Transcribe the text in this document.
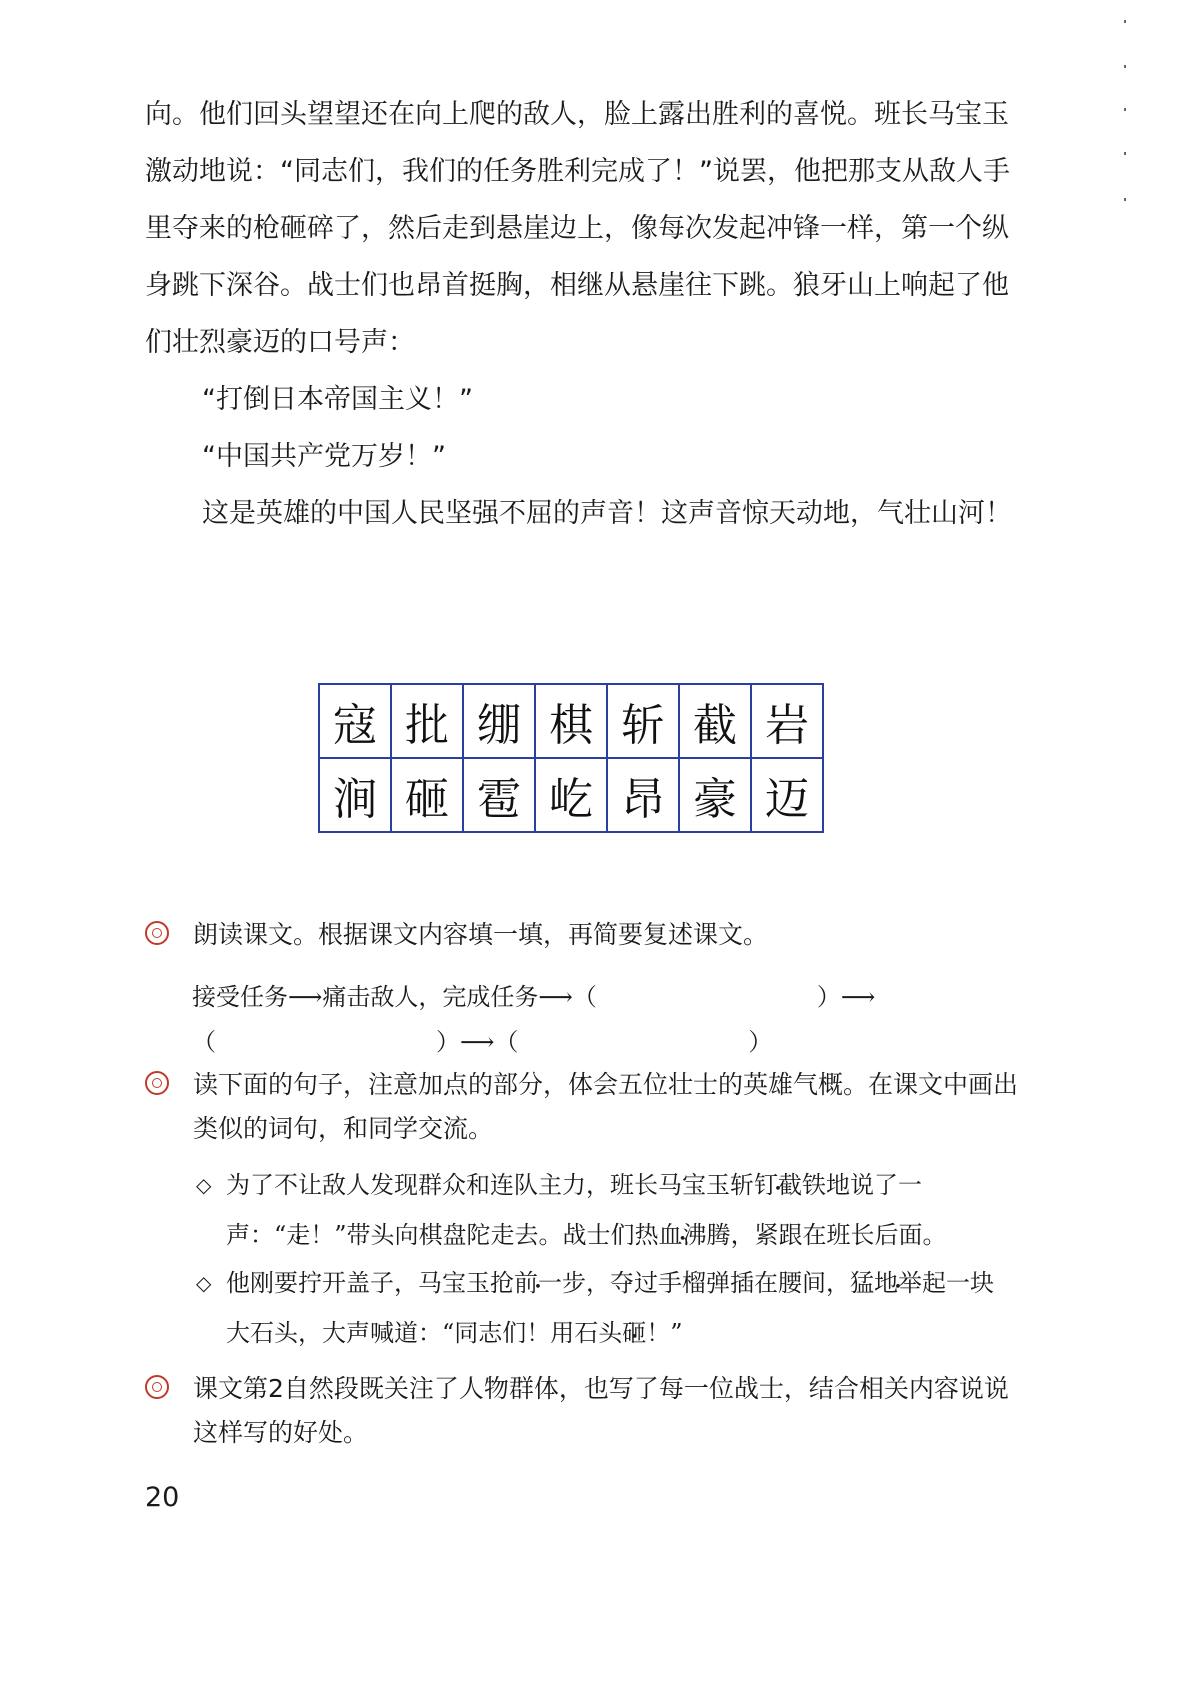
向。他们回头望望还在向上爬的敌人，脸上露出胜利的喜悦。班长马宝玉激动地说：“同志们，我们的任务胜利完成了！”说罢，他把那支从敌人手里夺来的枪砸碎了，然后走到悬崖边上，像每次发起冲锋一样，第一个纵身跳下深谷。战士们也昂首挺胸，相继从悬崖往下跳。狼牙山上响起了他们壮烈豪迈的口号声：

“打倒日本帝国主义！”

“中国共产党万岁！”

这是英雄的中国人民坚强不屈的声音！这声音惊天动地，气壮山河！

寇	批	绷	棋	斩	截	岩
涧	砸	雹	屹	昂	豪	迈
朗读课文。根据课文内容填一填，再简要复述课文。
接受任务⟶痛击敌人，完成任务⟶（	）⟶
（	）⟶（	）
读下面的句子，注意加点的部分，体会五位壮士的英雄气概。在课文中画出类似的词句，和同学交流。
◇ 为了不让敌人发现群众和连队主力，班长马宝玉斩钉截铁 •地说了一声：“走 •！”带头向棋盘陀走去。战士们热血沸腾 •，紧跟在班长后面。
◇ 他刚要拧开盖子，马宝玉抢前一步 •，夺过手榴弹插在腰间，猛地举起 •一块大石头，大声喊道：“同志们！用石头砸 •！”
课文第2自然段既关注了人物群体，也写了每一位战士，结合相关内容说说这样写的好处。
20
